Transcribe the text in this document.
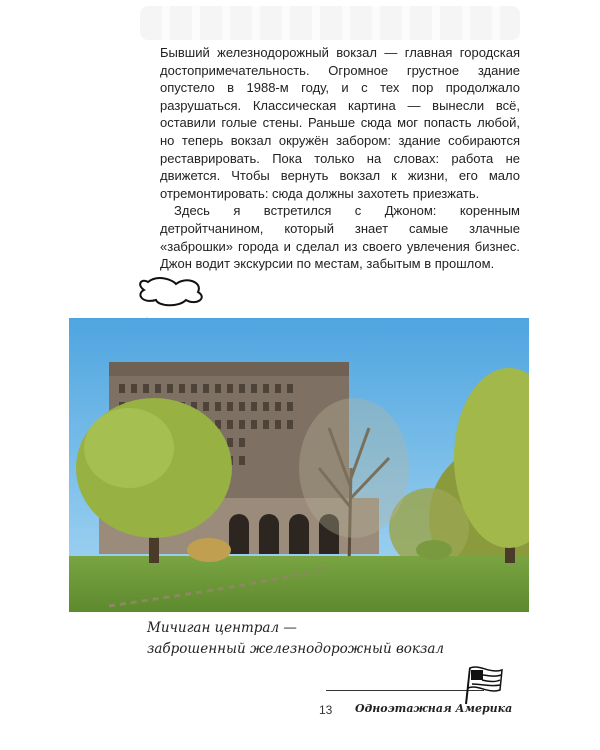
Бывший железнодорожный вокзал — главная городская достопримечательность. Огромное грустное здание опустело в 1988-м году, и с тех пор продолжало разрушаться. Классическая картина — вынесли всё, оставили голые стены. Раньше сюда мог попасть любой, но теперь вокзал окружён забором: здание собираются реставрировать. Пока только на словах: работа не движется. Чтобы вернуть вокзал к жизни, его мало отремонтировать: сюда должны захотеть приезжать.

Здесь я встретился с Джоном: коренным детройтчанином, который знает самые злачные «заброшки» города и сделал из своего увлечения бизнес. Джон водит экскурсии по местам, забытым в прошлом.

Мичиган централ —
заброшенный железнодорожный вокзал
13 Одноэтажная Америка
